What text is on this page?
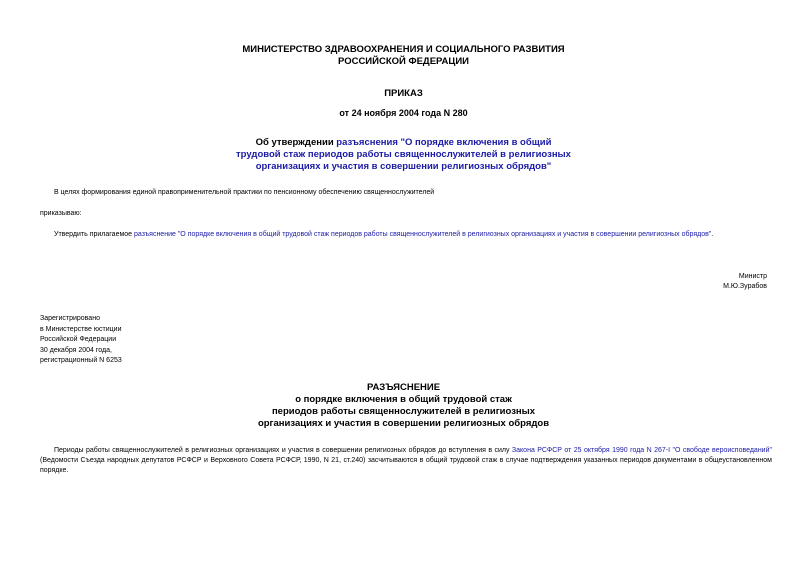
МИНИСТЕРСТВО ЗДРАВООХРАНЕНИЯ И СОЦИАЛЬНОГО РАЗВИТИЯ
РОССИЙСКОЙ ФЕДЕРАЦИИ
ПРИКАЗ
от 24 ноября 2004 года N 280
Об утверждении разъяснения "О порядке включения в общий
трудовой стаж периодов работы священнослужителей в религиозных
организациях и участия в совершении религиозных обрядов"
В целях формирования единой правоприменительной практики по пенсионному обеспечению священнослужителей
приказываю:
Утвердить прилагаемое разъяснение "О порядке включения в общий трудовой стаж периодов работы священнослужителей в религиозных организациях и участия в совершении религиозных обрядов".
Министр
М.Ю.Зурабов
Зарегистрировано
в Министерстве юстиции
Российской Федерации
30 декабря 2004 года,
регистрационный N 6253
РАЗЪЯСНЕНИЕ
о порядке включения в общий трудовой стаж
периодов работы священнослужителей в религиозных
организациях и участия в совершении религиозных обрядов
Периоды работы священнослужителей в религиозных организациях и участия в совершении религиозных обрядов до вступления в силу Закона РСФСР от 25 октября 1990 года N 267-I "О свободе вероисповеданий" (Ведомости Съезда народных депутатов РСФСР и Верховного Совета РСФСР, 1990, N 21, ст.240) засчитываются в общий трудовой стаж в случае подтверждения указанных периодов документами в общеустановленном порядке.
